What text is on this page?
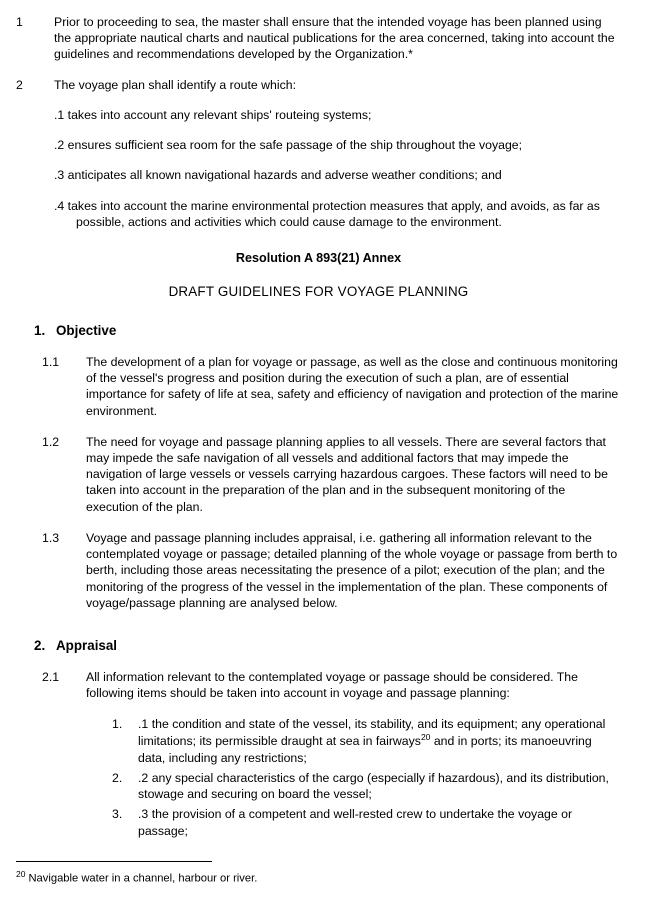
1	Prior to proceeding to sea, the master shall ensure that the intended voyage has been planned using the appropriate nautical charts and nautical publications for the area concerned, taking into account the guidelines and recommendations developed by the Organization.*
2	The voyage plan shall identify a route which:
.1 takes into account any relevant ships' routeing systems;
.2 ensures sufficient sea room for the safe passage of the ship throughout the voyage;
.3 anticipates all known navigational hazards and adverse weather conditions; and
.4 takes into account the marine environmental protection measures that apply, and avoids, as far as possible, actions and activities which could cause damage to the environment.
Resolution A 893(21) Annex
DRAFT GUIDELINES FOR VOYAGE PLANNING
1. Objective
1.1	The development of a plan for voyage or passage, as well as the close and continuous monitoring of the vessel's progress and position during the execution of such a plan, are of essential importance for safety of life at sea, safety and efficiency of navigation and protection of the marine environment.
1.2	The need for voyage and passage planning applies to all vessels. There are several factors that may impede the safe navigation of all vessels and additional factors that may impede the navigation of large vessels or vessels carrying hazardous cargoes. These factors will need to be taken into account in the preparation of the plan and in the subsequent monitoring of the execution of the plan.
1.3	Voyage and passage planning includes appraisal, i.e. gathering all information relevant to the contemplated voyage or passage; detailed planning of the whole voyage or passage from berth to berth, including those areas necessitating the presence of a pilot; execution of the plan; and the monitoring of the progress of the vessel in the implementation of the plan. These components of voyage/passage planning are analysed below.
2. Appraisal
2.1	All information relevant to the contemplated voyage or passage should be considered. The following items should be taken into account in voyage and passage planning:
1. .1 the condition and state of the vessel, its stability, and its equipment; any operational limitations; its permissible draught at sea in fairways$^{20}$ and in ports; its manoeuvring data, including any restrictions;
2. .2 any special characteristics of the cargo (especially if hazardous), and its distribution, stowage and securing on board the vessel;
3. .3 the provision of a competent and well-rested crew to undertake the voyage or passage;
$^{20}$ Navigable water in a channel, harbour or river.
